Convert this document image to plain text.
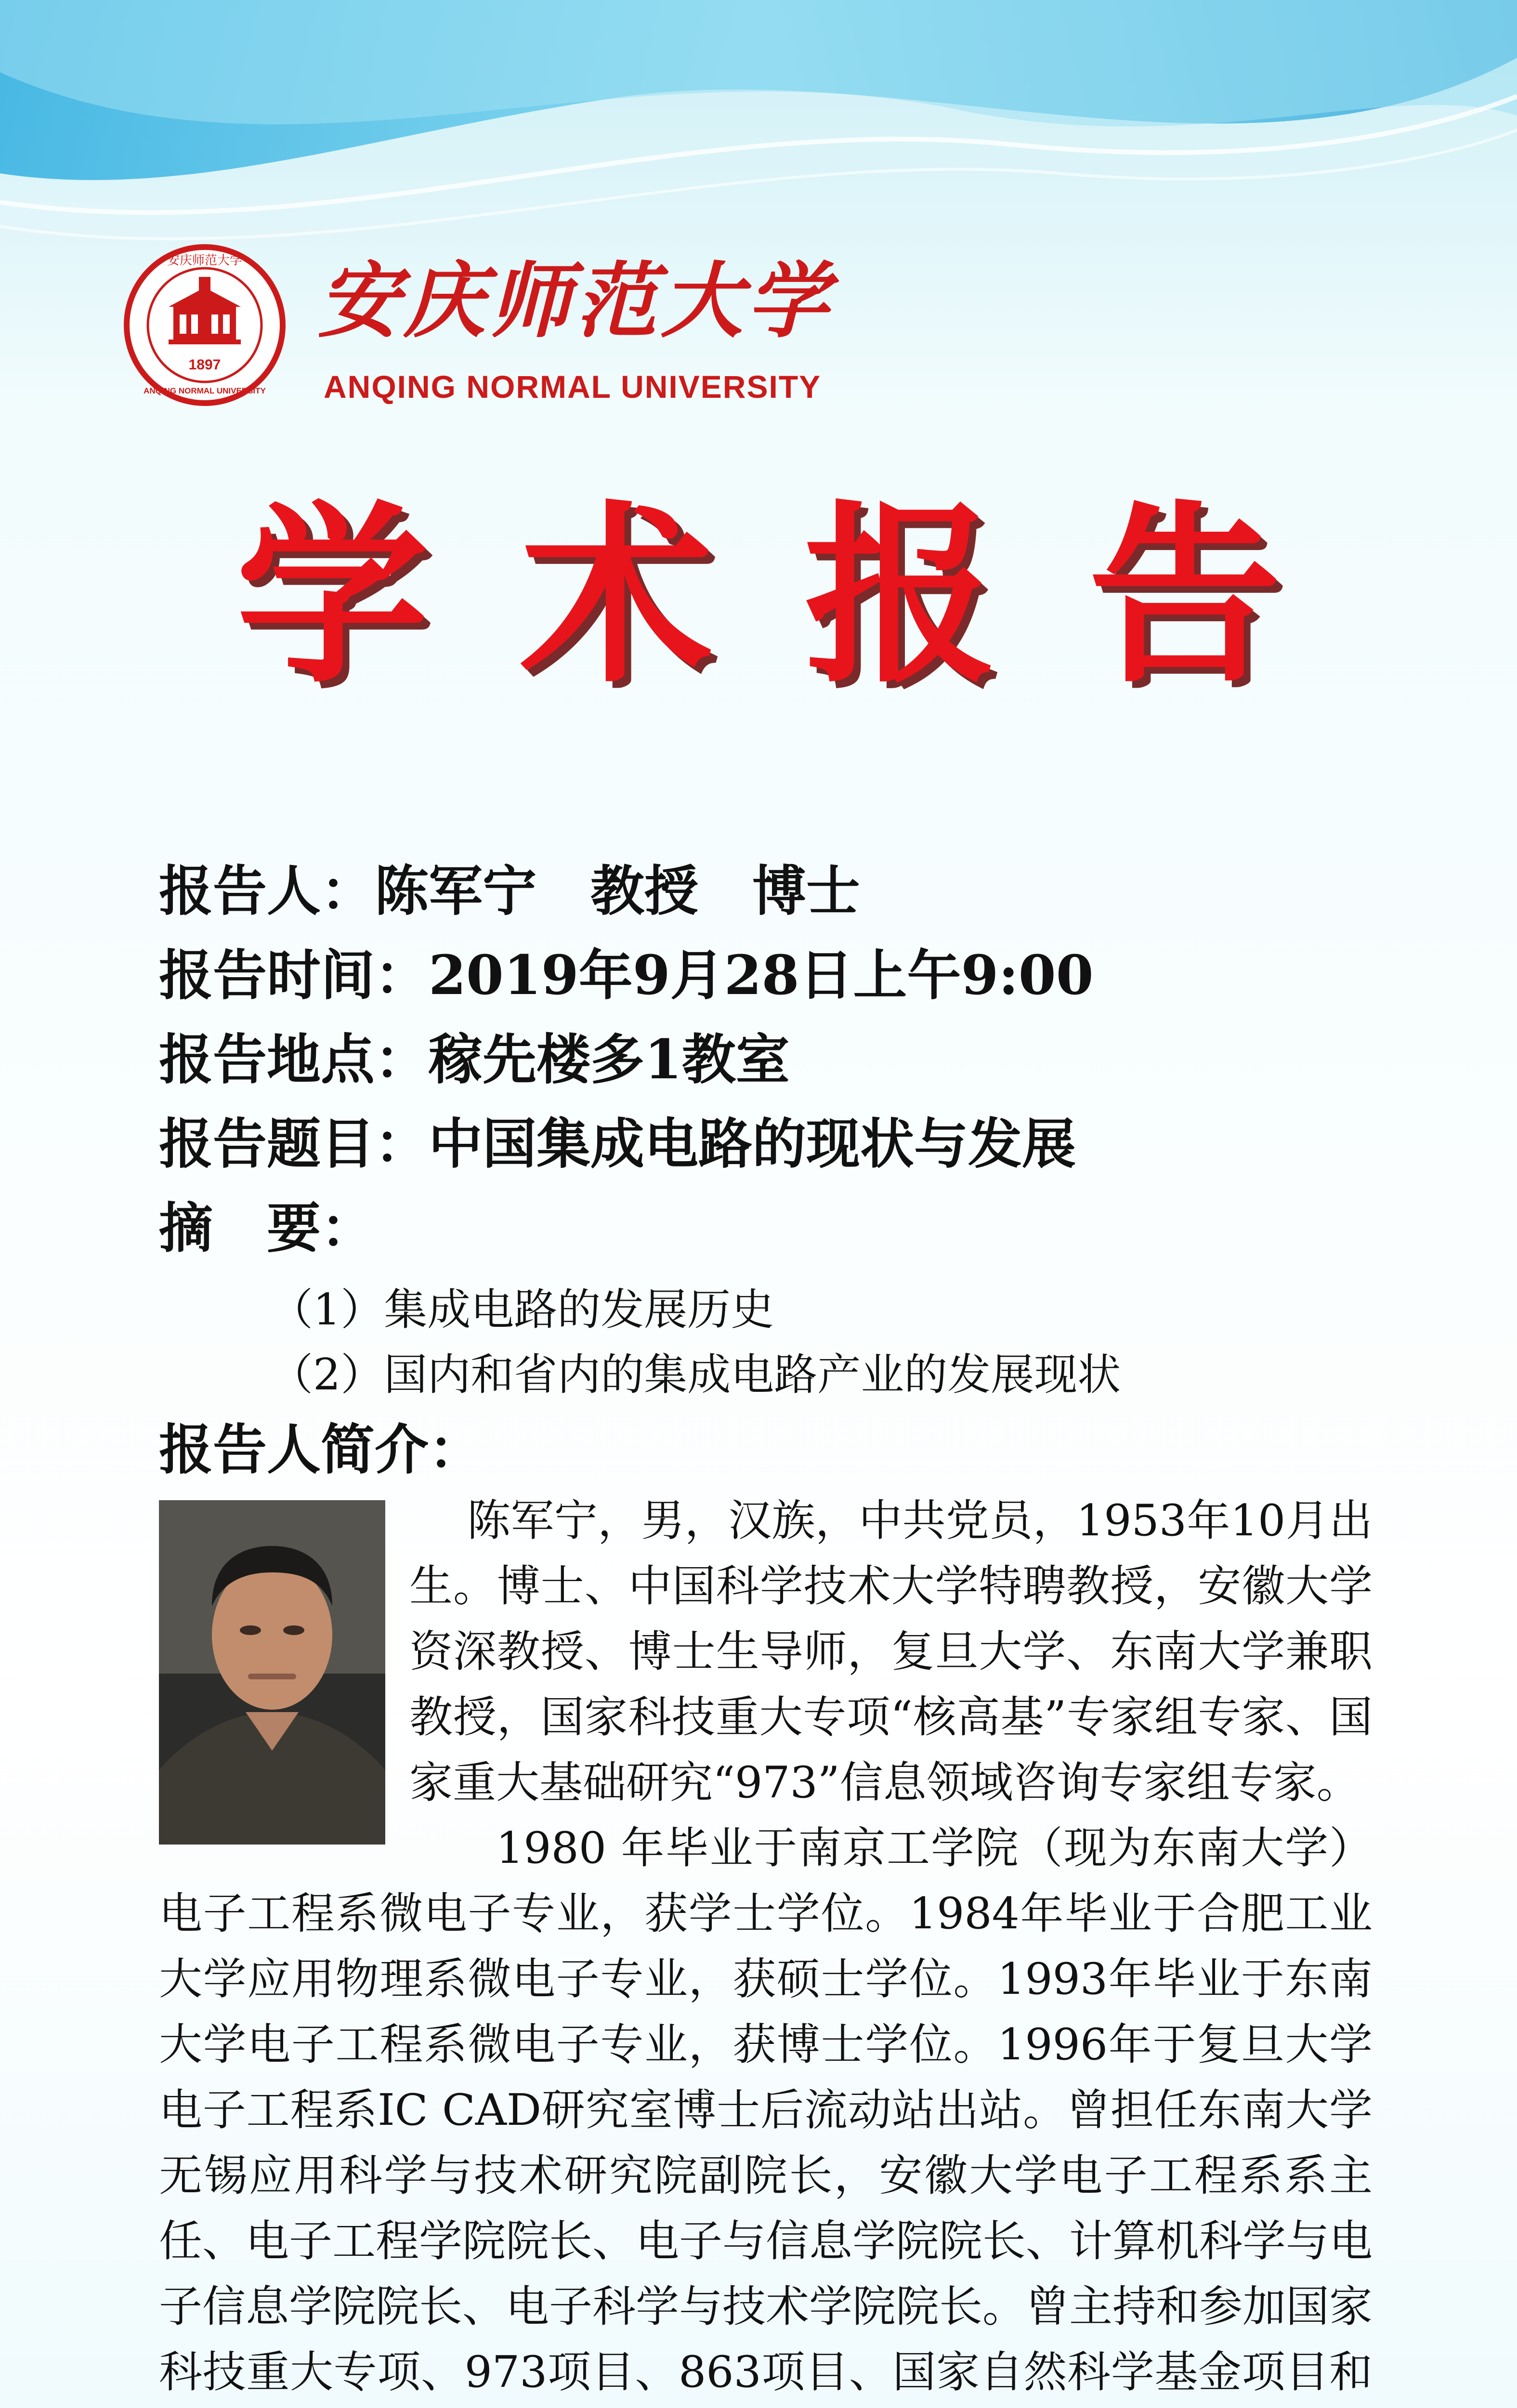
1897
安庆师范大学
ANQING NORMAL UNIVERSITY
安庆师范大学
ANQING NORMAL UNIVERSITY
学术报告
报告人：陈军宁　教授　博士
报告时间：2019年9月28日上午9:00
报告地点：稼先楼多1教室
报告题目：中国集成电路的现状与发展
摘　要：
（1）集成电路的发展历史
（2）国内和省内的集成电路产业的发展现状
报告人简介：

陈军宁，男，汉族，中共党员，1953年10月出生。博士、中国科学技术大学特聘教授，安徽大学资深教授、博士生导师，复旦大学、东南大学兼职教授，国家科技重大专项“核高基”专家组专家、国家重大基础研究“973”信息领域咨询专家组专家。

1980 年毕业于南京工学院（现为东南大学）电子工程系微电子专业，获学士学位。1984年毕业于合肥工业大学应用物理系微电子专业，获硕士学位。1993年毕业于东南大学电子工程系微电子专业，获博士学位。1996年于复旦大学电子工程系IC CAD研究室博士后流动站出站。曾担任东南大学无锡应用科学与技术研究院副院长，安徽大学电子工程系系主任、电子工程学院院长、电子与信息学院院长、计算机科学与电子信息学院院长、电子科学与技术学院院长。曾主持和参加国家科技重大专项、973项目、863项目、国家自然科学基金项目和
